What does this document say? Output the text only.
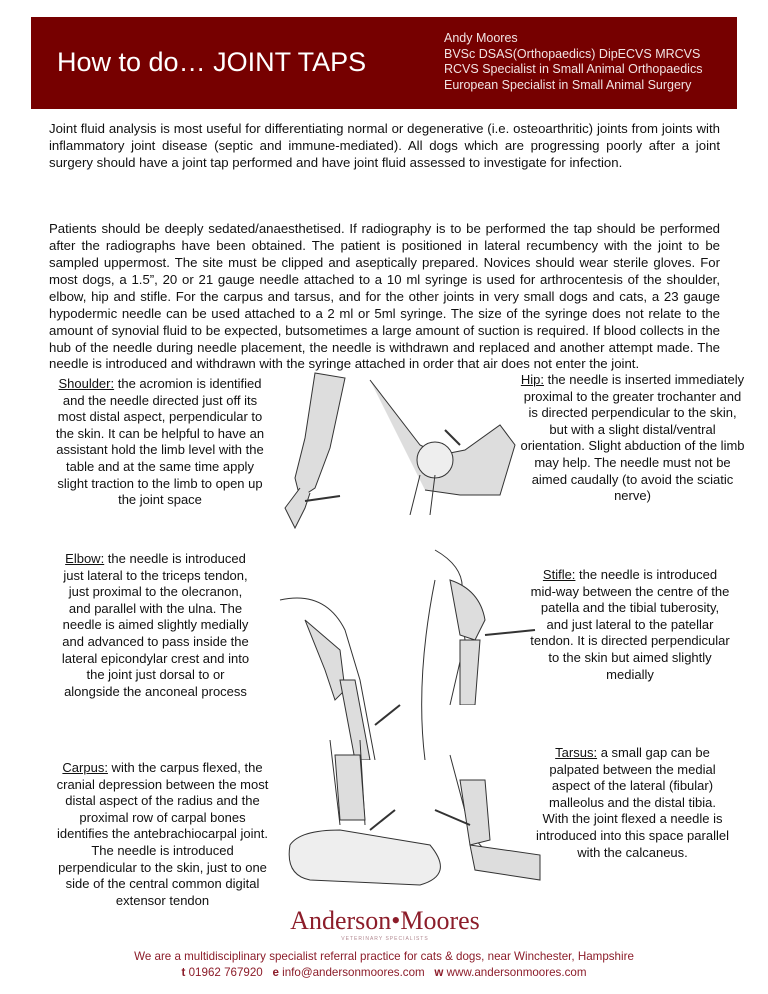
How to do… JOINT TAPS
Andy Moores
BVSc DSAS(Orthopaedics) DipECVS MRCVS
RCVS Specialist in Small Animal Orthopaedics
European Specialist in Small Animal Surgery

Joint fluid analysis is most useful for differentiating normal or degenerative (i.e. osteoarthritic) joints from joints with inflammatory joint disease (septic and immune-mediated). All dogs which are progressing poorly after a joint surgery should have a joint tap performed and have joint fluid assessed to investigate for infection.

Patients should be deeply sedated/anaesthetised. If radiography is to be performed the tap should be performed after the radiographs have been obtained. The patient is positioned in lateral recumbency with the joint to be sampled uppermost. The site must be clipped and aseptically prepared. Novices should wear sterile gloves. For most dogs, a 1.5”, 20 or 21 gauge needle attached to a 10 ml syringe is used for arthrocentesis of the shoulder, elbow, hip and stifle. For the carpus and tarsus, and for the other joints in very small dogs and cats, a 23 gauge hypodermic needle can be used attached to a 2 ml or 5ml syringe. The size of the syringe does not relate to the amount of synovial fluid to be expected, butsometimes a large amount of suction is required. If blood collects in the hub of the needle during needle placement, the needle is withdrawn and replaced and another attempt made. The needle is introduced and withdrawn with the syringe attached in order that air does not enter the joint.

Shoulder: the acromion is identified and the needle directed just off its most distal aspect, perpendicular to the skin. It can be helpful to have an assistant hold the limb level with the table and at the same time apply slight traction to the limb to open up the joint space
Hip: the needle is inserted immediately proximal to the greater trochanter and is directed perpendicular to the skin, but with a slight distal/ventral orientation. Slight abduction of the limb may help. The needle must not be aimed caudally (to avoid the sciatic nerve)
Elbow: the needle is introduced just lateral to the triceps tendon, just proximal to the olecranon, and parallel with the ulna. The needle is aimed slightly medially and advanced to pass inside the lateral epicondylar crest and into the joint just dorsal to or alongside the anconeal process
Stifle: the needle is introduced mid-way between the centre of the patella and the tibial tuberosity, and just lateral to the patellar tendon. It is directed perpendicular to the skin but aimed slightly medially
Carpus: with the carpus flexed, the cranial depression between the most distal aspect of the radius and the proximal row of carpal bones identifies the antebrachiocarpal joint. The needle is introduced perpendicular to the skin, just to one side of the central common digital extensor tendon
Tarsus: a small gap can be palpated between the medial aspect of the lateral (fibular) malleolus and the distal tibia. With the joint flexed a needle is introduced into this space parallel with the calcaneus.
Anderson•Moores
VETERINARY SPECIALISTS
We are a multidisciplinary specialist referral practice for cats & dogs, near Winchester, Hampshire
t 01962 767920 e info@andersonmoores.com w www.andersonmoores.com
